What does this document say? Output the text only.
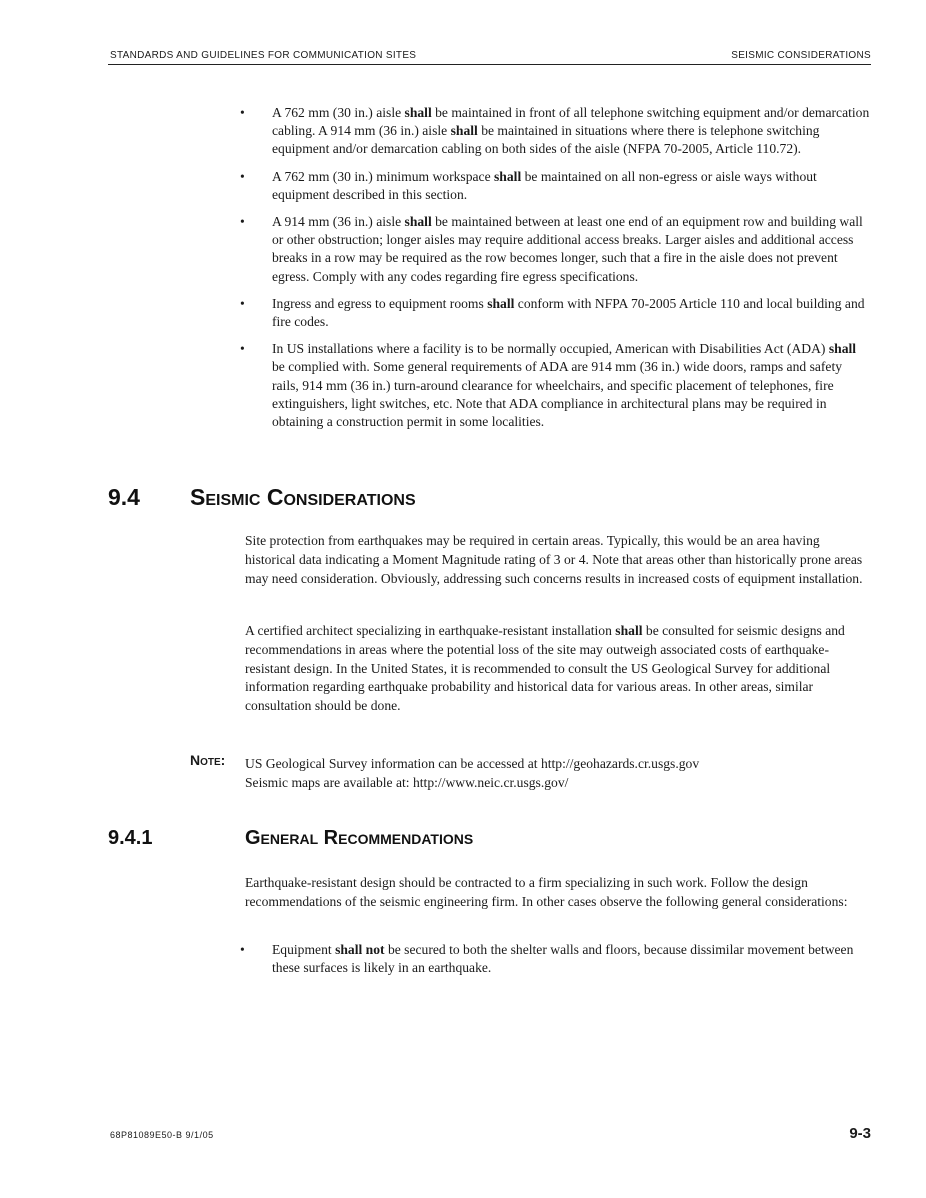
STANDARDS AND GUIDELINES FOR COMMUNICATION SITES	SEISMIC CONSIDERATIONS
• A 762 mm (30 in.) aisle shall be maintained in front of all telephone switching equipment and/or demarcation cabling. A 914 mm (36 in.) aisle shall be maintained in situations where there is telephone switching equipment and/or demarcation cabling on both sides of the aisle (NFPA 70-2005, Article 110.72).
• A 762 mm (30 in.) minimum workspace shall be maintained on all non-egress or aisle ways without equipment described in this section.
• A 914 mm (36 in.) aisle shall be maintained between at least one end of an equipment row and building wall or other obstruction; longer aisles may require additional access breaks. Larger aisles and additional access breaks in a row may be required as the row becomes longer, such that a fire in the aisle does not prevent egress. Comply with any codes regarding fire egress specifications.
• Ingress and egress to equipment rooms shall conform with NFPA 70-2005 Article 110 and local building and fire codes.
• In US installations where a facility is to be normally occupied, American with Disabilities Act (ADA) shall be complied with. Some general requirements of ADA are 914 mm (36 in.) wide doors, ramps and safety rails, 914 mm (36 in.) turn-around clearance for wheelchairs, and specific placement of telephones, fire extinguishers, light switches, etc. Note that ADA compliance in architectural plans may be required in obtaining a construction permit in some localities.
9.4 Seismic Considerations

Site protection from earthquakes may be required in certain areas. Typically, this would be an area having historical data indicating a Moment Magnitude rating of 3 or 4. Note that areas other than historically prone areas may need consideration. Obviously, addressing such concerns results in increased costs of equipment installation.

A certified architect specializing in earthquake-resistant installation shall be consulted for seismic designs and recommendations in areas where the potential loss of the site may outweigh associated costs of earthquake-resistant design. In the United States, it is recommended to consult the US Geological Survey for additional information regarding earthquake probability and historical data for various areas. In other areas, similar consultation should be done.

Note: US Geological Survey information can be accessed at http://geohazards.cr.usgs.gov
Seismic maps are available at: http://www.neic.cr.usgs.gov/
9.4.1	General Recommendations

Earthquake-resistant design should be contracted to a firm specializing in such work. Follow the design recommendations of the seismic engineering firm. In other cases observe the following general considerations:

• Equipment shall not be secured to both the shelter walls and floors, because dissimilar movement between these surfaces is likely in an earthquake.
68P81089E50-B 9/1/05	9-3
